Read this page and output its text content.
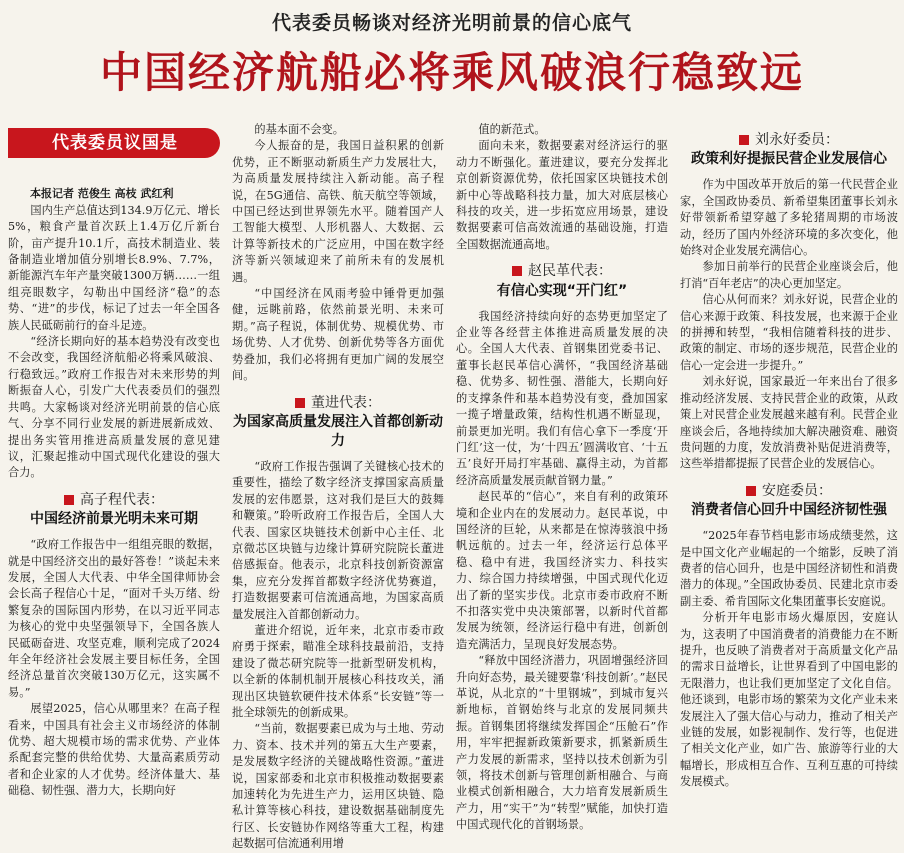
代表委员畅谈对经济光明前景的信心底气
中国经济航船必将乘风破浪行稳致远
代表委员议国是

本报记者 范俊生 高枝 武红利

国内生产总值达到134.9万亿元、增长5%，粮食产量首次跃上1.4万亿斤新台阶，亩产提升10.1斤，高技术制造业、装备制造业增加值分别增长8.9%、7.7%，新能源汽车年产量突破1300万辆……一组组亮眼数字，勾勒出中国经济“稳”的态势、“进”的步伐，标记了过去一年全国各族人民砥砺前行的奋斗足迹。

“经济长期向好的基本趋势没有改变也不会改变，我国经济航船必将乘风破浪、行稳致远。”政府工作报告对未来形势的判断振奋人心，引发广大代表委员们的强烈共鸣。大家畅谈对经济光明前景的信心底气、分享不同行业发展的新进展新成效、提出务实管用推进高质量发展的意见建议，汇聚起推动中国式现代化建设的强大合力。

高子程代表：
中国经济前景光明未来可期

“政府工作报告中一组组亮眼的数据，就是中国经济交出的最好答卷！”谈起未来发展，全国人大代表、中华全国律师协会会长高子程信心十足，“面对千头万绪、纷繁复杂的国际国内形势，在以习近平同志为核心的党中央坚强领导下，全国各族人民砥砺奋进、攻坚克难，顺利完成了2024年全年经济社会发展主要目标任务，全国经济总量首次突破130万亿元，这实属不易。”

展望2025，信心从哪里来？在高子程看来，中国具有社会主义市场经济的体制优势、超大规模市场的需求优势、产业体系配套完整的供给优势、大量高素质劳动者和企业家的人才优势。经济体量大、基础稳、韧性强、潜力大，长期向好

的基本面不会变。

今人振奋的是，我国日益积累的创新优势，正不断驱动新质生产力发展壮大，为高质量发展持续注入新动能。高子程说，在5G通信、高铁、航天航空等领域，中国已经达到世界领先水平。随着国产人工智能大模型、人形机器人、大数据、云计算等新技术的广泛应用，中国在数字经济等新兴领域迎来了前所未有的发展机遇。

“中国经济在风雨考验中锤骨更加强健，远眺前路，依然前景光明、未来可期。”高子程说，体制优势、规模优势、市场优势、人才优势、创新优势等各方面优势叠加，我们必将拥有更加广阔的发展空间。

董进代表：
为国家高质量发展注入首都创新动力

“政府工作报告强调了关键核心技术的重要性，描绘了数字经济支撑国家高质量发展的宏伟愿景，这对我们是巨大的鼓舞和鞭策。”聆听政府工作报告后，全国人大代表、国家区块链技术创新中心主任、北京微芯区块链与边缘计算研究院院长董进倍感振奋。他表示，北京科技创新资源富集，应充分发挥首都数字经济优势赛道，打造数据要素可信流通高地，为国家高质量发展注入首都创新动力。

董进介绍说，近年来，北京市委市政府勇于探索，瞄准全球科技最前沿，支持建设了微芯研究院等一批新型研发机构，以全新的体制机制开展核心科技攻关，涌现出区块链软硬件技术体系“长安链”等一批全球领先的创新成果。

“当前，数据要素已成为与土地、劳动力、资本、技术并列的第五大生产要素，是发展数字经济的关键战略性资源。”董进说，国家部委和北京市积极推动数据要素加速转化为先进生产力，运用区块链、隐私计算等核心科技，建设数据基础制度先行区、长安链协作网络等重大工程，构建起数据可信流通利用增

值的新范式。

面向未来，数据要素对经济运行的驱动力不断强化。董进建议，要充分发挥北京创新资源优势，依托国家区块链技术创新中心等战略科技力量，加大对底层核心科技的攻关，进一步拓宽应用场景，建设数据要素可信高效流通的基础设施，打造全国数据流通高地。

赵民革代表：
有信心实现“开门红”

我国经济持续向好的态势更加坚定了企业等各经营主体推进高质量发展的决心。全国人大代表、首钢集团党委书记、董事长赵民革信心满怀，“我国经济基础稳、优势多、韧性强、潜能大，长期向好的支撑条件和基本趋势没有变，叠加国家一揽子增量政策，结构性机遇不断显现，前景更加光明。我们有信心拿下一季度‘开门红’这一仗，为‘十四五’圆满收官、‘十五五’良好开局打牢基础、赢得主动，为首都经济高质量发展贡献首钢力量。”

赵民革的“信心”，来自有利的政策环境和企业内在的发展动力。赵民革说，中国经济的巨轮，从来都是在惊涛骇浪中扬帆远航的。过去一年，经济运行总体平稳、稳中有进，我国经济实力、科技实力、综合国力持续增强，中国式现代化迈出了新的坚实步伐。北京市委市政府不断不扣落实党中央决策部署，以新时代首都发展为统领，经济运行稳中有进，创新创造充满活力，呈现良好发展态势。

“释放中国经济潜力，巩固增强经济回升向好态势，最关键要靠‘科技创新’。”赵民革说，从北京的“十里钢城”，到城市复兴新地标，首钢始终与北京的发展同频共振。首钢集团将继续发挥国企“压舱石”作用，牢牢把握新政策新要求，抓紧新质生产力发展的新需求，坚持以技术创新为引领，将技术创新与管理创新相融合、与商业模式创新相融合，大力培育发展新质生产力，用“实干”为“转型”赋能，加快打造中国式现代化的首钢场景。

刘永好委员：
政策利好提振民营企业发展信心

作为中国改革开放后的第一代民营企业家，全国政协委员、新希望集团董事长刘永好带领新希望穿越了多轮猪周期的市场波动，经历了国内外经济环境的多次变化，他始终对企业发展充满信心。

参加日前举行的民营企业座谈会后，他打消“百年老店”的决心更加坚定。

信心从何而来？刘永好说，民营企业的信心来源于政策、科技发展，也来源于企业的拼搏和转型，“我相信随着科技的进步、政策的制定、市场的逐步规范，民营企业的信心一定会进一步提升。”

刘永好说，国家最近一年来出台了很多推动经济发展、支持民营企业的政策，从政策上对民营企业发展越来越有利。民营企业座谈会后，各地持续加大解决融资难、融资贵问题的力度，发放消费补贴促进消费等，这些举措都提振了民营企业的发展信心。

安庭委员：
消费者信心回升中国经济韧性强

“2025年春节档电影市场成绩斐然，这是中国文化产业崛起的一个缩影，反映了消费者的信心回升，也是中国经济韧性和消费潜力的体现。”全国政协委员、民建北京市委副主委、希肯国际文化集团董事长安庭说。

分析开年电影市场火爆原因，安庭认为，这表明了中国消费者的消费能力在不断提升，也反映了消费者对于高质量文化产品的需求日益增长，让世界看到了中国电影的无限潜力，也让我们更加坚定了文化自信。他还谈到，电影市场的繁荣为文化产业未来发展注入了强大信心与动力，推动了相关产业链的发展，如影视制作、发行等，也促进了相关文化产业，如广告、旅游等行业的大幅增长，形成相互合作、互利互惠的可持续发展模式。
